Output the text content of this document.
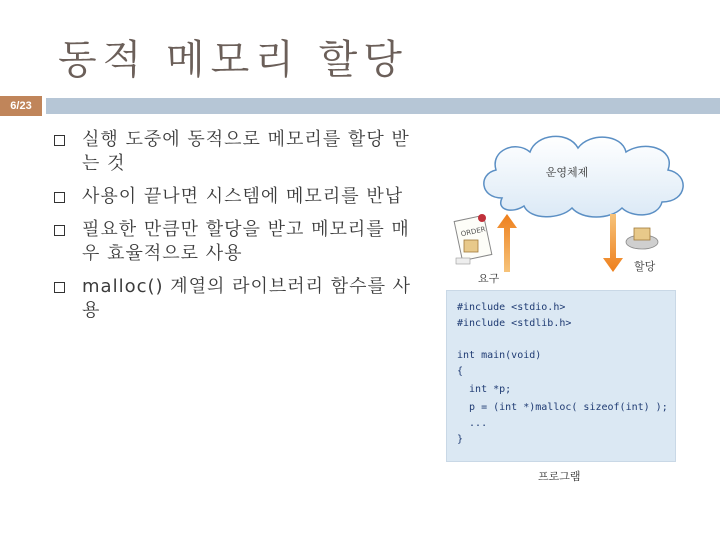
동적 메모리 할당
6/23
실행 도중에 동적으로 메모리를 할당 받는 것
사용이 끝나면 시스템에 메모리를 반납
필요한 만큼만 할당을 받고 메모리를 매우 효율적으로 사용
malloc() 계열의 라이브러리 함수를 사용
운영체제
ORDER
요구
할당
#include <stdio.h>
#include <stdlib.h>
int main(void)
{
int *p;
p = (int *)malloc( sizeof(int) );
...
}
프로그램
